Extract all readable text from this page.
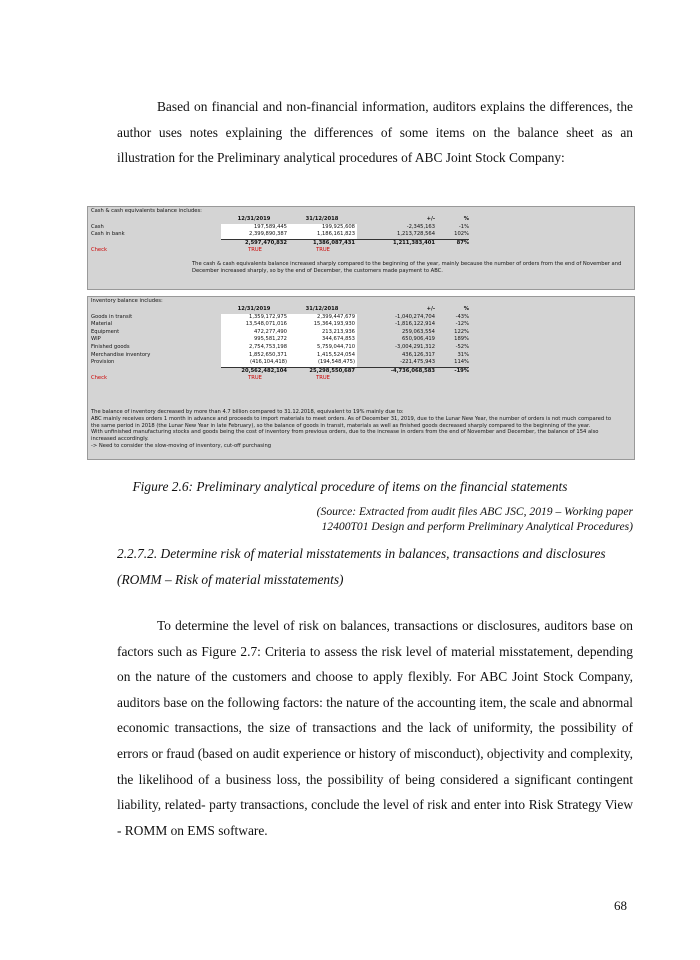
Based on financial and non-financial information, auditors explains the differences, the author uses notes explaining the differences of some items on the balance sheet as an illustration for the Preliminary analytical procedures of ABC Joint Stock Company:

Cash & cash equivalents balance includes:
	12/31/2019	31/12/2018	+/-	%
Cash	197,589,445	199,925,608	-2,345,163	-1%
Cash in bank	2,399,890,387	1,186,161,823	1,213,728,564	102%
	2,597,470,832	1,386,087,431	1,211,383,401	87%
Check	TRUE	TRUE		
The cash & cash equivalents balance increased sharply compared to the beginning of the year, mainly because the number of orders from the end of November and December increased sharply, so by the end of December, the customers made payment to ABC.
Inventory balance includes:
	12/31/2019	31/12/2018	+/-	%
Goods in transit	1,359,172,975	2,399,447,679	-1,040,274,704	-43%
Material	13,548,071,016	15,364,193,930	-1,816,122,914	-12%
Equipment	472,277,490	213,213,936	259,063,554	122%
WIP	995,581,272	344,674,853	650,906,419	189%
Finished goods	2,754,753,198	5,759,044,710	-3,004,291,312	-52%
Merchandise inventory	1,852,650,371	1,415,524,054	436,126,317	31%
Provision	(416,104,418)	(194,548,475)	-221,475,943	114%
	20,562,482,104	25,298,550,687	-4,736,068,583	-19%
Check	TRUE	TRUE		
The balance of inventory decreased by more than 4.7 billion compared to 31.12.2018, equivalent to 19% mainly due to:
ABC mainly receives orders 1 month in advance and proceeds to import materials to meet orders. As of December 31, 2019, due to the Lunar New Year, the number of orders is not much compared to the same period in 2018 (the Lunar New Year in late February), so the balance of goods in transit, materials as well as finished goods decreased sharply compared to the beginning of the year.
With unfinished manufacturing stocks and goods being the cost of inventory from previous orders, due to the increase in orders from the end of November and December, the balance of 154 also increased accordingly.
-> Need to consider the slow-moving of inventory, cut-off purchasing

Figure 2.6: Preliminary analytical procedure of items on the financial statements

(Source: Extracted from audit files ABC JSC, 2019 – Working paper
12400T01 Design and perform Preliminary Analytical Procedures)

2.2.7.2. Determine risk of material misstatements in balances, transactions and disclosures (ROMM – Risk of material misstatements)

To determine the level of risk on balances, transactions or disclosures, auditors base on factors such as Figure 2.7: Criteria to assess the risk level of material misstatement, depending on the nature of the customers and choose to apply flexibly. For ABC Joint Stock Company, auditors base on the following factors: the nature of the accounting item, the scale and abnormal economic transactions, the size of transactions and the lack of uniformity, the possibility of errors or fraud (based on audit experience or history of misconduct), objectivity and complexity, the likelihood of a business loss, the possibility of being considered a significant contingent liability, related- party transactions, conclude the level of risk and enter into Risk Strategy View - ROMM on EMS software.

68
